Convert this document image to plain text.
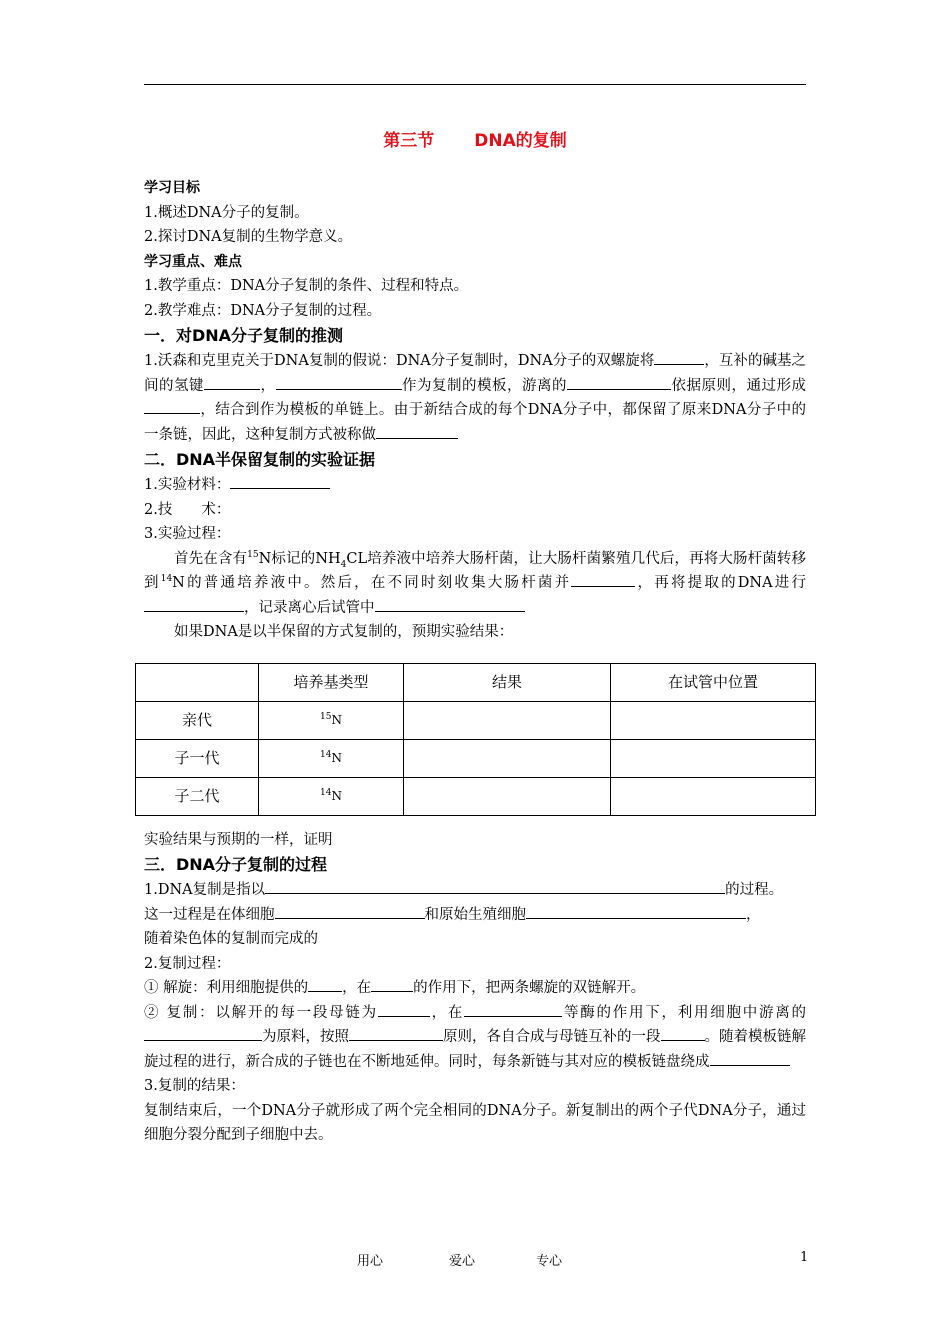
第三节 DNA的复制

学习目标

1.概述DNA分子的复制。

2.探讨DNA复制的生物学意义。

学习重点、难点

1.教学重点：DNA分子复制的条件、过程和特点。

2.教学难点：DNA分子复制的过程。

一．对DNA分子复制的推测

1.沃森和克里克关于DNA复制的假说：DNA分子复制时，DNA分子的双螺旋将	，互补的碱基之间的氢键	，	作为复制的模板，游离的	依据原则，通过形成，结合到作为模板的单链上。由于新结合成的每个DNA分子中，都保留了原来DNA分子中的一条链，因此，这种复制方式被称做

二．DNA半保留复制的实验证据

1.实验材料：

2.技　　术：

3.实验过程：

首先在含有$^{15}$N标记的$NH_4CL$培养液中培养大肠杆菌，让大肠杆菌繁殖几代后，再将大肠杆菌转移到$^{14}$N的普通培养液中。然后，在不同时刻收集大肠杆菌并	，再将提取的DNA进行，记录离心后试管中

如果DNA是以半保留的方式复制的，预期实验结果：

	培养基类型	结果	在试管中位置
亲代	$^{15}$N		
子一代	$^{14}$N		
子二代	$^{14}$N		

实验结果与预期的一样，证明

三．DNA分子复制的过程

1.DNA复制是指以	的过程。

这一过程是在体细胞	和原始生殖细胞	，

随着染色体的复制而完成的

2.复制过程：

① 解旋：利用细胞提供的 ，在	的作用下，把两条螺旋的双链解开。

② 复制：以解开的每一段母链为	，在	等酶的作用下，利用细胞中游离的为原料，按照	原则，各自合成与母链互补的一段	。随着模板链解旋过程的进行，新合成的子链也在不断地延伸。同时，每条新链与其对应的模板链盘绕成

3.复制的结果：

复制结束后，一个DNA分子就形成了两个完全相同的DNA分子。新复制出的两个子代DNA分子，通过细胞分裂分配到子细胞中去。

用心	爱心	专心	1
